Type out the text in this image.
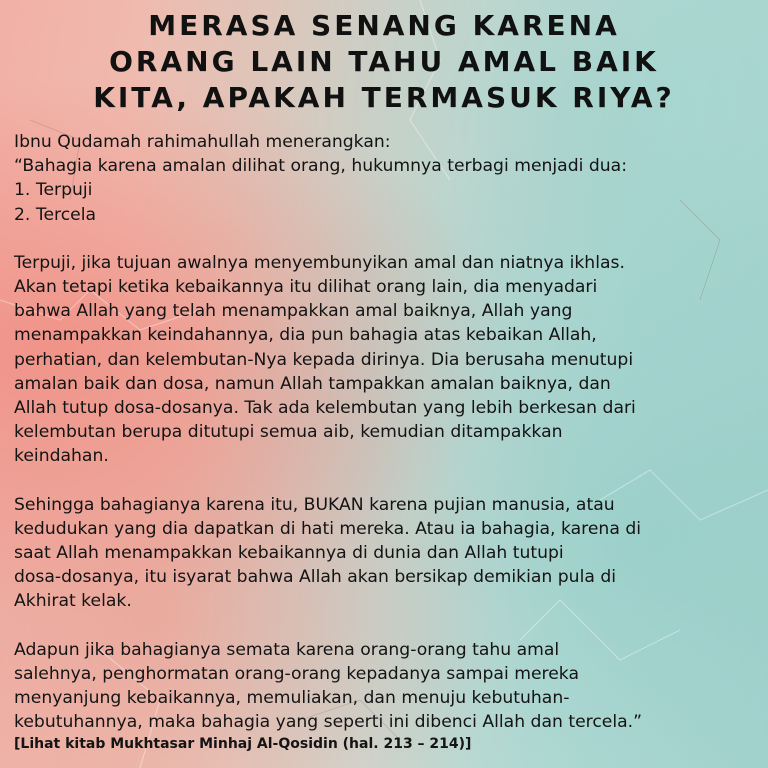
MERASA SENANG KARENA
ORANG LAIN TAHU AMAL BAIK
KITA, APAKAH TERMASUK RIYA?

Ibnu Qudamah rahimahullah menerangkan:

“Bahagia karena amalan dilihat orang, hukumnya terbagi menjadi dua:

1. Terpuji

2. Tercela

Terpuji, jika tujuan awalnya menyembunyikan amal dan niatnya ikhlas.

Akan tetapi ketika kebaikannya itu dilihat orang lain, dia menyadari

bahwa Allah yang telah menampakkan amal baiknya, Allah yang

menampakkan keindahannya, dia pun bahagia atas kebaikan Allah,

perhatian, dan kelembutan-Nya kepada dirinya. Dia berusaha menutupi

amalan baik dan dosa, namun Allah tampakkan amalan baiknya, dan

Allah tutup dosa-dosanya. Tak ada kelembutan yang lebih berkesan dari

kelembutan berupa ditutupi semua aib, kemudian ditampakkan

keindahan.

Sehingga bahagianya karena itu, BUKAN karena pujian manusia, atau

kedudukan yang dia dapatkan di hati mereka. Atau ia bahagia, karena di

saat Allah menampakkan kebaikannya di dunia dan Allah tutupi

dosa-dosanya, itu isyarat bahwa Allah akan bersikap demikian pula di

Akhirat kelak.

Adapun jika bahagianya semata karena orang-orang tahu amal

salehnya, penghormatan orang-orang kepadanya sampai mereka

menyanjung kebaikannya, memuliakan, dan menuju kebutuhan-

kebutuhannya, maka bahagia yang seperti ini dibenci Allah dan tercela.”

[Lihat kitab Mukhtasar Minhaj Al-Qosidin (hal. 213 – 214)]
